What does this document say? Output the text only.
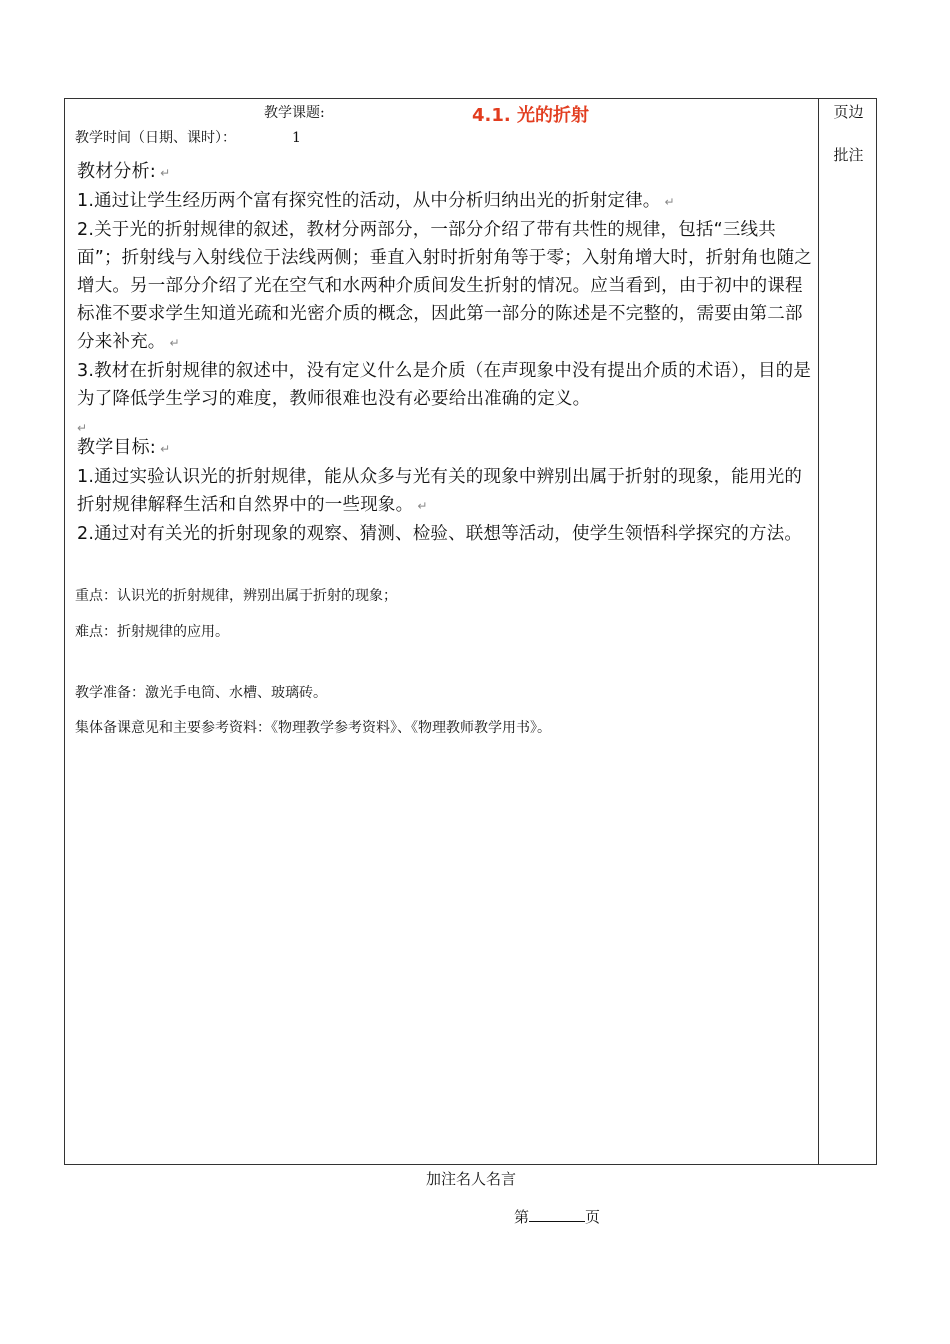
页边
批注
教学课题:	4.1. 光的折射
教学时间（日期、课时）：	1

教材分析: ↵

1.通过让学生经历两个富有探究性的活动，从中分析归纳出光的折射定律。 ↵

2.关于光的折射规律的叙述，教材分两部分，一部分介绍了带有共性的规律，包括“三线共面”；折射线与入射线位于法线两侧；垂直入射时折射角等于零；入射角增大时，折射角也随之增大。另一部分介绍了光在空气和水两种介质间发生折射的情况。应当看到，由于初中的课程标准不要求学生知道光疏和光密介质的概念，因此第一部分的陈述是不完整的，需要由第二部分来补充。 ↵

3.教材在折射规律的叙述中，没有定义什么是介质（在声现象中没有提出介质的术语），目的是为了降低学生学习的难度，教师很难也没有必要给出准确的定义。

↵

教学目标: ↵

1.通过实验认识光的折射规律，能从众多与光有关的现象中辨别出属于折射的现象，能用光的折射规律解释生活和自然界中的一些现象。 ↵

2.通过对有关光的折射现象的观察、猜测、检验、联想等活动，使学生领悟科学探究的方法。

重点：认识光的折射规律，辨别出属于折射的现象；
难点：折射规律的应用。
教学准备：激光手电筒、水槽、玻璃砖。
集体备课意见和主要参考资料：《物理教学参考资料》、《物理教师教学用书》。
加注名人名言
第	页
